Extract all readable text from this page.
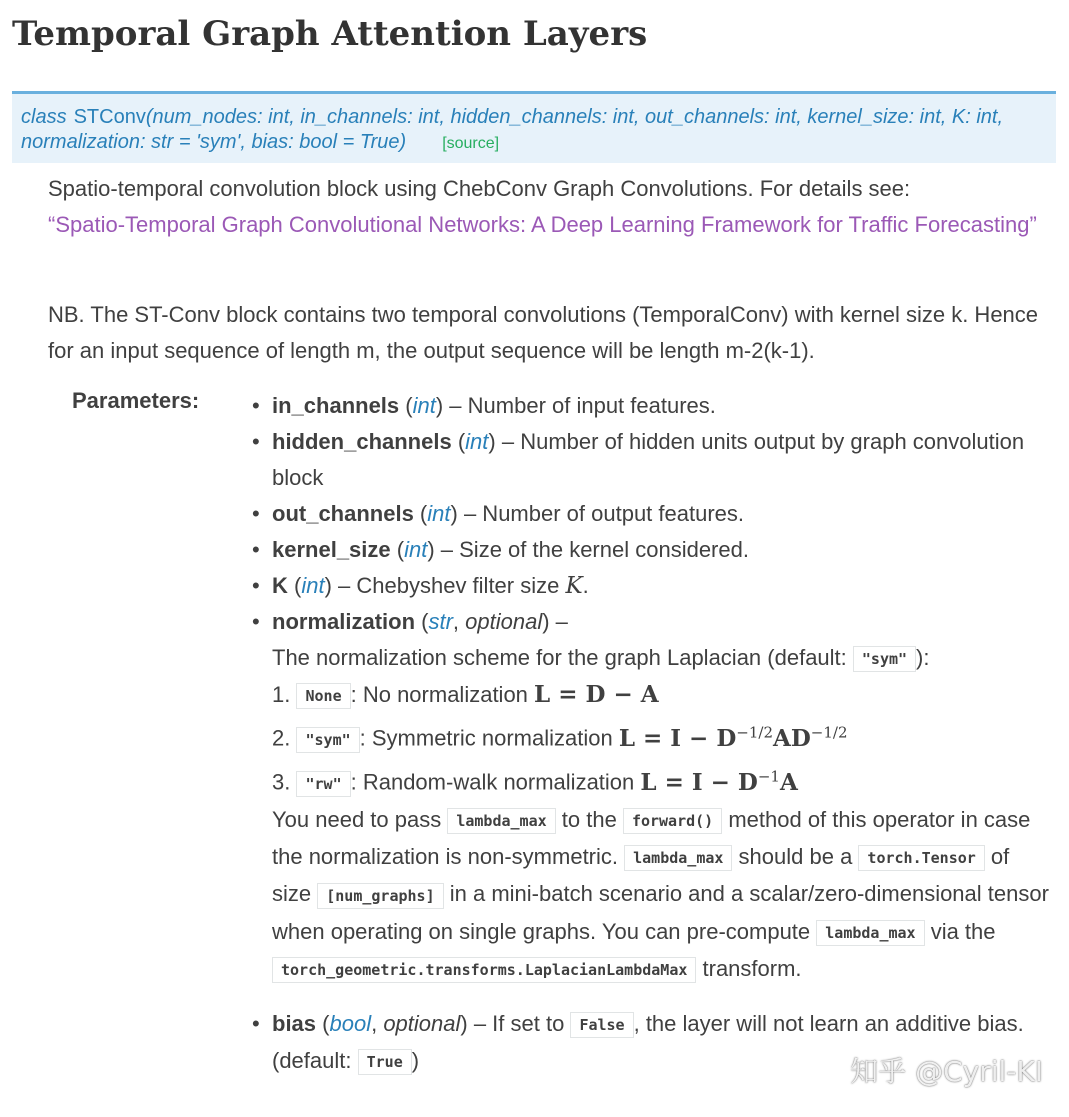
Temporal Graph Attention Layers
class STConv(num_nodes: int, in_channels: int, hidden_channels: int, out_channels: int, kernel_size: int, K: int,
normalization: str = 'sym', bias: bool = True) [source]

Spatio-temporal convolution block using ChebConv Graph Convolutions. For details see:
“Spatio-Temporal Graph Convolutional Networks: A Deep Learning Framework for Traffic Forecasting”

NB. The ST-Conv block contains two temporal convolutions (TemporalConv) with kernel size k. Hence for an input sequence of length m, the output sequence will be length m-2(k-1).

Parameters:
•	in_channels (int) – Number of input features.
• hidden_channels (int) – Number of hidden units output by graph convolution block
• out_channels (int) – Number of output features.
• kernel_size (int) – Size of the kernel considered.
• K (int) – Chebyshev filter size K.
• normalization (str, optional) –
The normalization scheme for the graph Laplacian (default: "sym" ):
1. None : No normalization L = D − A
2. "sym" : Symmetric normalization $L = I - D^{-1/2}AD^{-1/2}$
3. "rw" : Random-walk normalization $L = I - D^{-1}A$
You need to pass lambda_max to the forward() method of this operator in case the normalization is non-symmetric. lambda_max should be a torch.Tensor of size [num_graphs] in a mini-batch scenario and a scalar/zero-dimensional tensor when operating on single graphs. You can pre-compute lambda_max via the torch_geometric.transforms.LaplacianLambdaMax transform.
• bias (bool, optional) – If set to False , the layer will not learn an additive bias. (default: True )	知乎 @Cyril-KI
